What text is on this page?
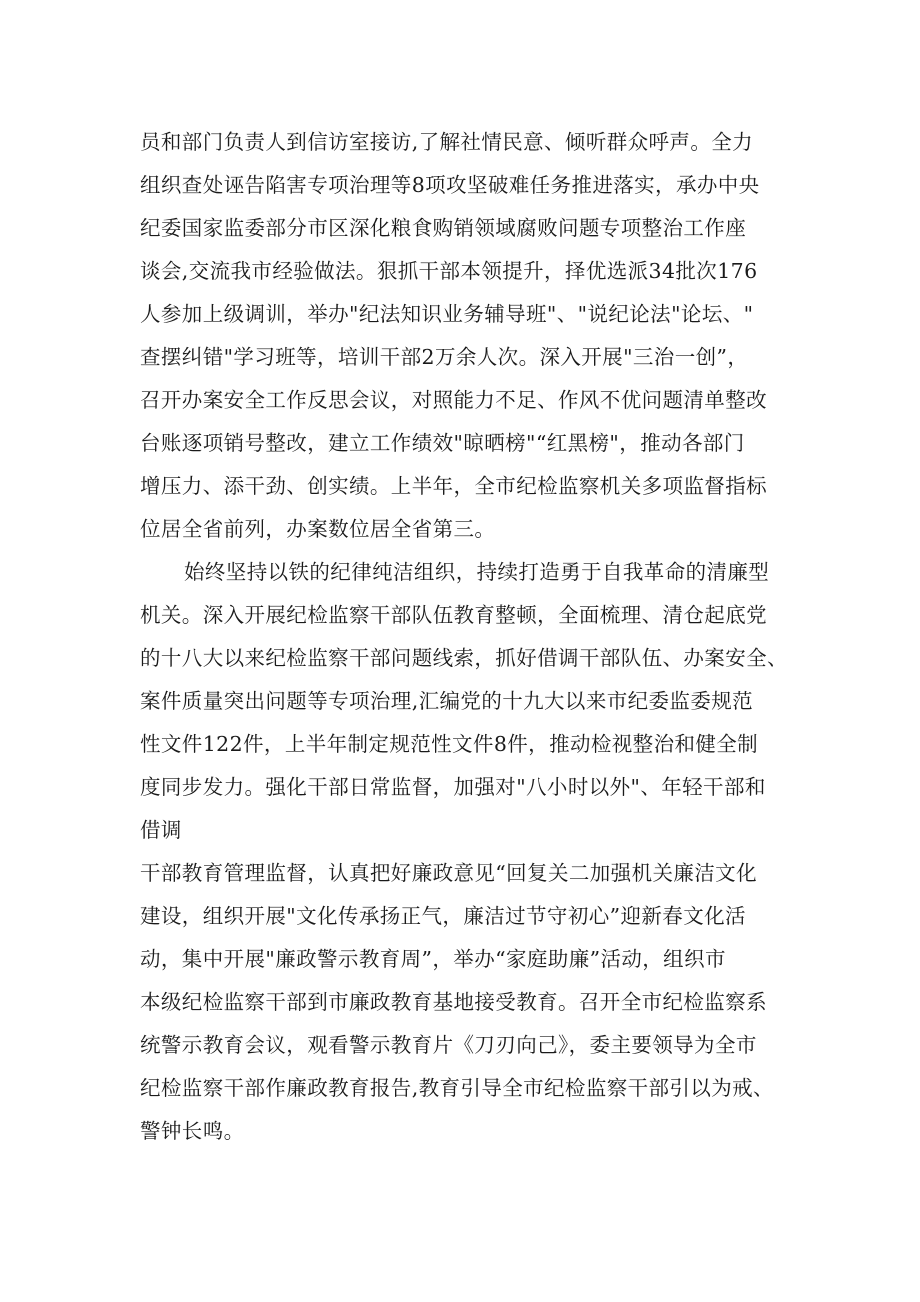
员和部门负责人到信访室接访,了解社情民意、倾听群众呼声。全力
组织查处诬告陷害专项治理等8项攻坚破难任务推进落实，承办中央
纪委国家监委部分市区深化粮食购销领域腐败问题专项整治工作座
谈会,交流我市经验做法。狠抓干部本领提升，择优选派34批次176
人参加上级调训，举办"纪法知识业务辅导班"、"说纪论法"论坛、"
查摆纠错"学习班等，培训干部2万余人次。深入开展"三治一创”，
召开办案安全工作反思会议，对照能力不足、作风不优问题清单整改
台账逐项销号整改，建立工作绩效"晾晒榜"“红黑榜"，推动各部门
增压力、添干劲、创实绩。上半年，全市纪检监察机关多项监督指标
位居全省前列，办案数位居全省第三。
始终坚持以铁的纪律纯洁组织，持续打造勇于自我革命的清廉型
机关。深入开展纪检监察干部队伍教育整顿，全面梳理、清仓起底党
的十八大以来纪检监察干部问题线索，抓好借调干部队伍、办案安全、
案件质量突出问题等专项治理,汇编党的十九大以来市纪委监委规范
性文件122件，上半年制定规范性文件8件，推动检视整治和健全制
度同步发力。强化干部日常监督，加强对"八小时以外"、年轻干部和
借调
干部教育管理监督，认真把好廉政意见“回复关二加强机关廉洁文化
建设，组织开展"文化传承扬正气，廉洁过节守初心”迎新春文化活
动，集中开展"廉政警示教育周”，举办“家庭助廉”活动，组织市
本级纪检监察干部到市廉政教育基地接受教育。召开全市纪检监察系
统警示教育会议，观看警示教育片《刀刃向己》，委主要领导为全市
纪检监察干部作廉政教育报告,教育引导全市纪检监察干部引以为戒、
警钟长鸣。
